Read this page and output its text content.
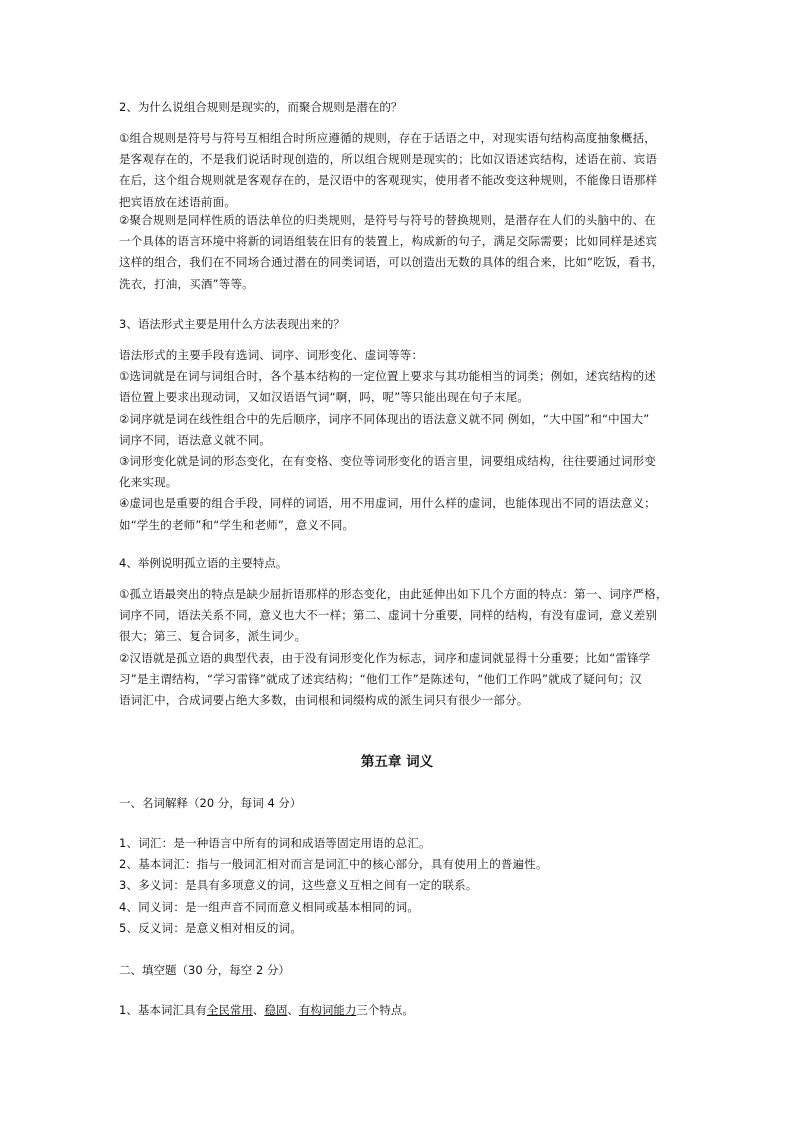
2、为什么说组合规则是现实的，而聚合规则是潜在的？
①组合规则是符号与符号互相组合时所应遵循的规则，存在于话语之中，对现实语句结构高度抽象概括，
是客观存在的，不是我们说话时现创造的，所以组合规则是现实的；比如汉语述宾结构，述语在前、宾语
在后，这个组合规则就是客观存在的，是汉语中的客观现实，使用者不能改变这种规则，不能像日语那样
把宾语放在述语前面。
②聚合规则是同样性质的语法单位的归类规则，是符号与符号的替换规则，是潜存在人们的头脑中的、在
一个具体的语言环境中将新的词语组装在旧有的装置上，构成新的句子，满足交际需要；比如同样是述宾
这样的组合，我们在不同场合通过潜在的同类词语，可以创造出无数的具体的组合来，比如“吃饭，看书，
洗衣，打油，买酒”等等。
3、语法形式主要是用什么方法表现出来的？
语法形式的主要手段有选词、词序、词形变化、虚词等等：
①选词就是在词与词组合时，各个基本结构的一定位置上要求与其功能相当的词类；例如，述宾结构的述
语位置上要求出现动词，又如汉语语气词“啊，吗，呢”等只能出现在句子末尾。
②词序就是词在线性组合中的先后顺序，词序不同体现出的语法意义就不同 例如，“大中国”和“中国大”
词序不同，语法意义就不同。
③词形变化就是词的形态变化，在有变格、变位等词形变化的语言里，词要组成结构，往往要通过词形变
化来实现。
④虚词也是重要的组合手段，同样的词语，用不用虚词，用什么样的虚词，也能体现出不同的语法意义；
如“学生的老师”和“学生和老师”，意义不同。
4、举例说明孤立语的主要特点。
①孤立语最突出的特点是缺少屈折语那样的形态变化，由此延伸出如下几个方面的特点：第一、词序严格，
词序不同，语法关系不同，意义也大不一样；第二、虚词十分重要，同样的结构，有没有虚词，意义差别
很大；第三、复合词多，派生词少。
②汉语就是孤立语的典型代表，由于没有词形变化作为标志，词序和虚词就显得十分重要；比如“雷锋学
习”是主谓结构，“学习雷锋”就成了述宾结构；“他们工作”是陈述句，“他们工作吗”就成了疑问句；汉
语词汇中，合成词要占绝大多数，由词根和词缀构成的派生词只有很少一部分。
第五章 词义
一、名词解释（20 分，每词 4 分）
1、词汇：是一种语言中所有的词和成语等固定用语的总汇。
2、基本词汇：指与一般词汇相对而言是词汇中的核心部分，具有使用上的普遍性。
3、多义词：是具有多项意义的词，这些意义互相之间有一定的联系。
4、同义词：是一组声音不同而意义相同或基本相同的词。
5、反义词：是意义相对相反的词。
二、填空题（30 分，每空 2 分）
1、基本词汇具有全民常用、稳固、有构词能力三个特点。
